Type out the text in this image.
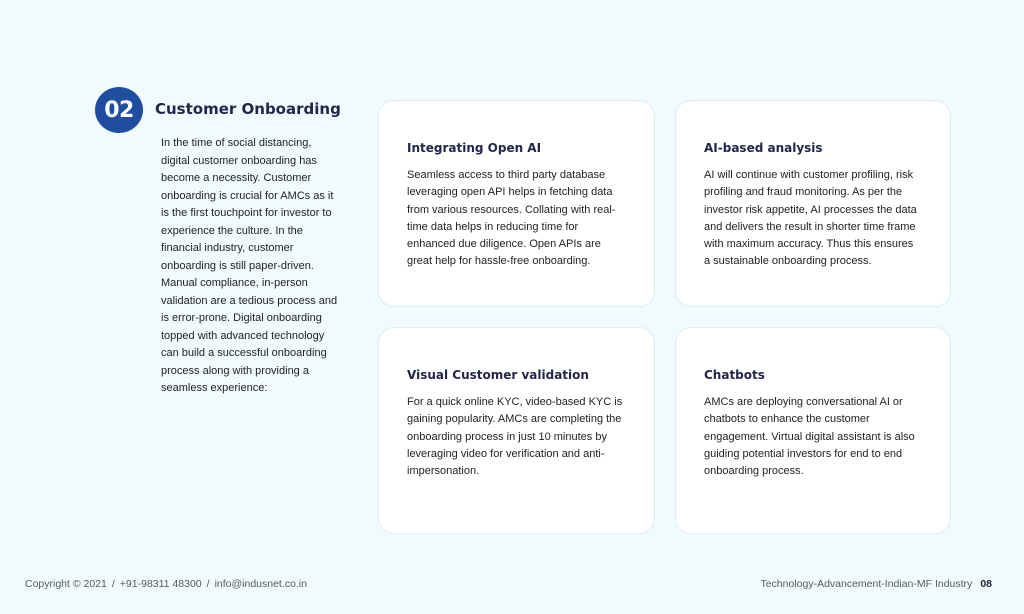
02	Customer Onboarding

In the time of social distancing, digital customer onboarding has become a necessity. Customer onboarding is crucial for AMCs as it is the first touchpoint for investor to experience the culture. In the financial industry, customer onboarding is still paper-driven. Manual compliance, in-person validation are a tedious process and is error-prone. Digital onboarding topped with advanced technology can build a successful onboarding process along with providing a seamless experience:

Integrating Open AI

Seamless access to third party database leveraging open API helps in fetching data from various resources. Collating with real-time data helps in reducing time for enhanced due diligence. Open APIs are great help for hassle-free onboarding.

AI-based analysis

AI will continue with customer profiling, risk profiling and fraud monitoring. As per the investor risk appetite, AI processes the data and delivers the result in shorter time frame with maximum accuracy. Thus this ensures a sustainable onboarding process.

Visual Customer validation

For a quick online KYC, video-based KYC is gaining popularity. AMCs are completing the onboarding process in just 10 minutes by leveraging video for verification and anti-impersonation.

Chatbots

AMCs are deploying conversational AI or chatbots to enhance the customer engagement. Virtual digital assistant is also guiding potential investors for end to end onboarding process.

Copyright © 2021 / +91-98311 48300 / info@indusnet.co.in	Technology-Advancement-Indian-MF Industry 08
